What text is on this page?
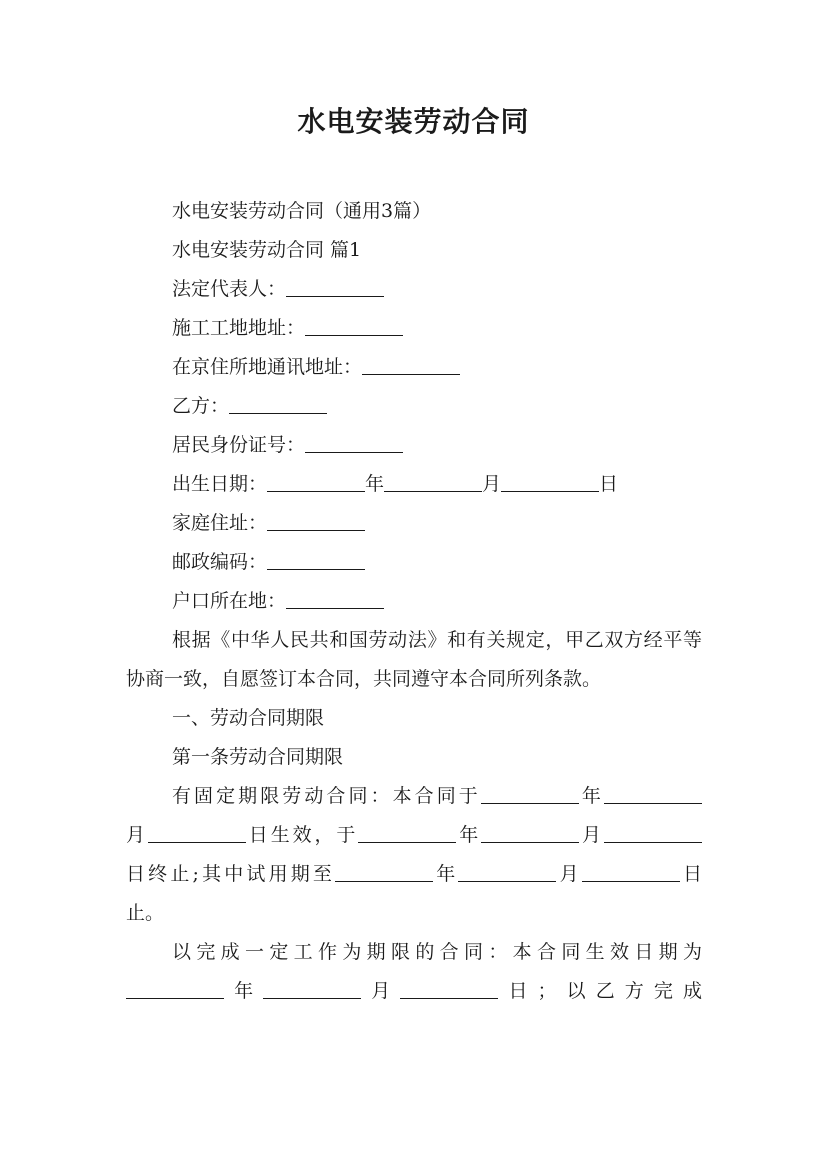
水电安装劳动合同

水电安装劳动合同（通用3篇）

水电安装劳动合同 篇1

法定代表人：

施工工地地址：

在京住所地通讯地址：

乙方：

居民身份证号：

出生日期：	年	月	日

家庭住址：

邮政编码：

户口所在地：

根据《中华人民共和国劳动法》和有关规定，甲乙双方经平等协商一致，自愿签订本合同，共同遵守本合同所列条款。

一、劳动合同期限

第一条劳动合同期限

有固定期限劳动合同：本合同于	年

月	日生效，于	年	月

日终止;其中试用期至	年	月	日

止。

以完成一定工作为期限的合同：本合同生效日期为

年	月	日；以乙方完成
